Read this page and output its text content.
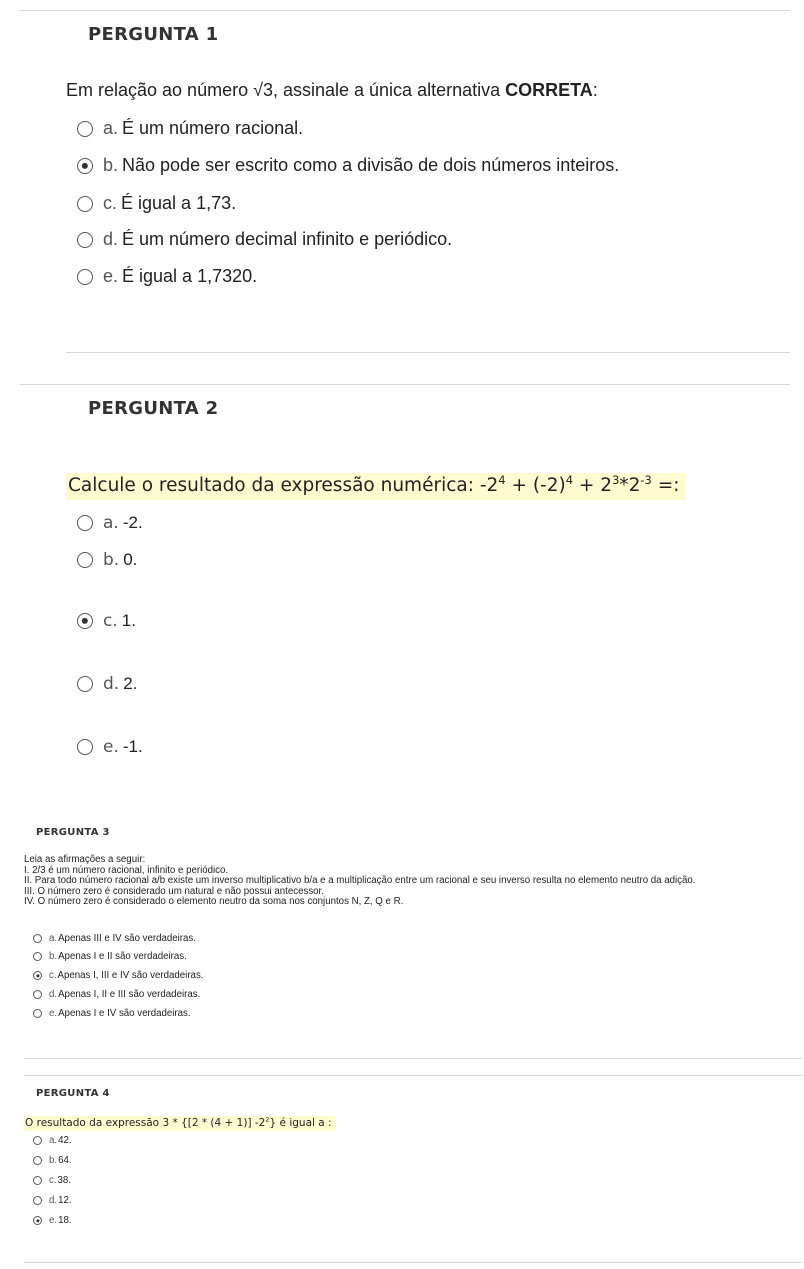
PERGUNTA 1
Em relação ao número √3, assinale a única alternativa CORRETA:
a. É um número racional.
b. Não pode ser escrito como a divisão de dois números inteiros.
c. É igual a 1,73.
d. É um número decimal infinito e periódico.
e. É igual a 1,7320.
PERGUNTA 2
Calcule o resultado da expressão numérica: $-2^4 + (-2)^4 + 2^3*2^{-3}$ =:
a. -2.
b. 0.
c. 1.
d. 2.
e. -1.
PERGUNTA 3
Leia as afirmações a seguir:
I. 2/3 é um número racional, infinito e periódico.
II. Para todo número racional a/b existe um inverso multiplicativo b/a e a multiplicação entre um racional e seu inverso resulta no elemento neutro da adição.
III. O número zero é considerado um natural e não possui antecessor.
IV. O número zero é considerado o elemento neutro da soma nos conjuntos N, Z, Q e R.
a. Apenas III e IV são verdadeiras.
b. Apenas I e II são verdadeiras.
c. Apenas I, III e IV são verdadeiras.
d. Apenas I, II e III são verdadeiras.
e. Apenas I e IV são verdadeiras.
PERGUNTA 4
O resultado da expressão 3 * {[2 * (4 + 1)] $-2^2$} é igual a :
a. 42.
b. 64.
c. 38.
d. 12.
e. 18.
